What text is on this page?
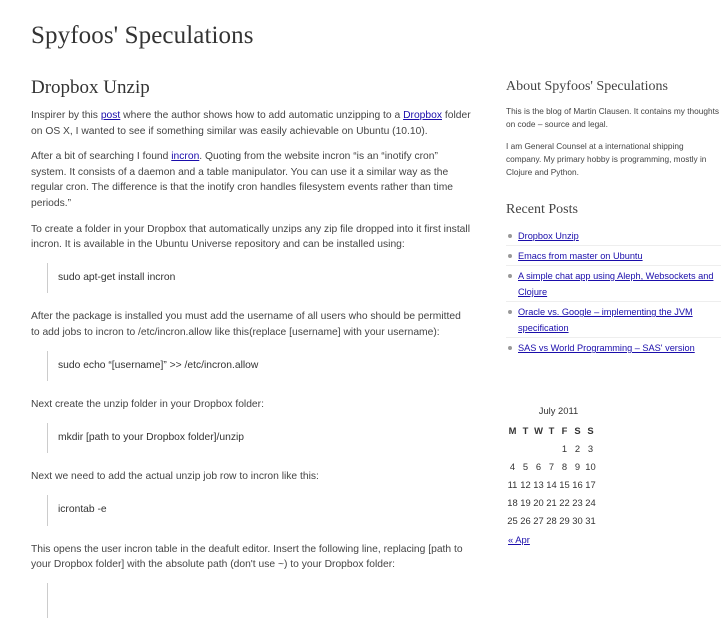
Spyfoos' Speculations
Dropbox Unzip

Inspirer by this post where the author shows how to add automatic unzipping to a Dropbox folder on OS X, I wanted to see if something similar was easily achievable on Ubuntu (10.10).

After a bit of searching I found incron. Quoting from the website incron “is an “inotify cron” system. It consists of a daemon and a table manipulator. You can use it a similar way as the regular cron. The difference is that the inotify cron handles filesystem events rather than time periods.”

To create a folder in your Dropbox that automatically unzips any zip file dropped into it first install incron. It is available in the Ubuntu Universe repository and can be installed using:

sudo apt-get install incron

After the package is installed you must add the username of all users who should be permitted to add jobs to incron to /etc/incron.allow like this(replace [username] with your username):

sudo echo “[username]” >> /etc/incron.allow

Next create the unzip folder in your Dropbox folder:

mkdir [path to your Dropbox folder]/unzip

Next we need to add the actual unzip job row to incron like this:

icrontab -e

This opens the user incron table in the deafult editor. Insert the following line, replacing [path to your Dropbox folder] with the absolute path (don't use ~) to your Dropbox folder:

About Spyfoos' Speculations

This is the blog of Martin Clausen. It contains my thoughts on code – source and legal.

I am General Counsel at a international shipping company. My primary hobby is programming, mostly in Clojure and Python.

Recent Posts
Dropbox Unzip
Emacs from master on Ubuntu
A simple chat app using Aleph, Websockets and Clojure
Oracle vs. Google – implementing the JVM specification
SAS vs World Programming – SAS' version
July 2011
M	T	W	T	F	S	S
				1	2	3
4	5	6	7	8	9	10
11	12	13	14	15	16	17
18	19	20	21	22	23	24
25	26	27	28	29	30	31
« Apr
